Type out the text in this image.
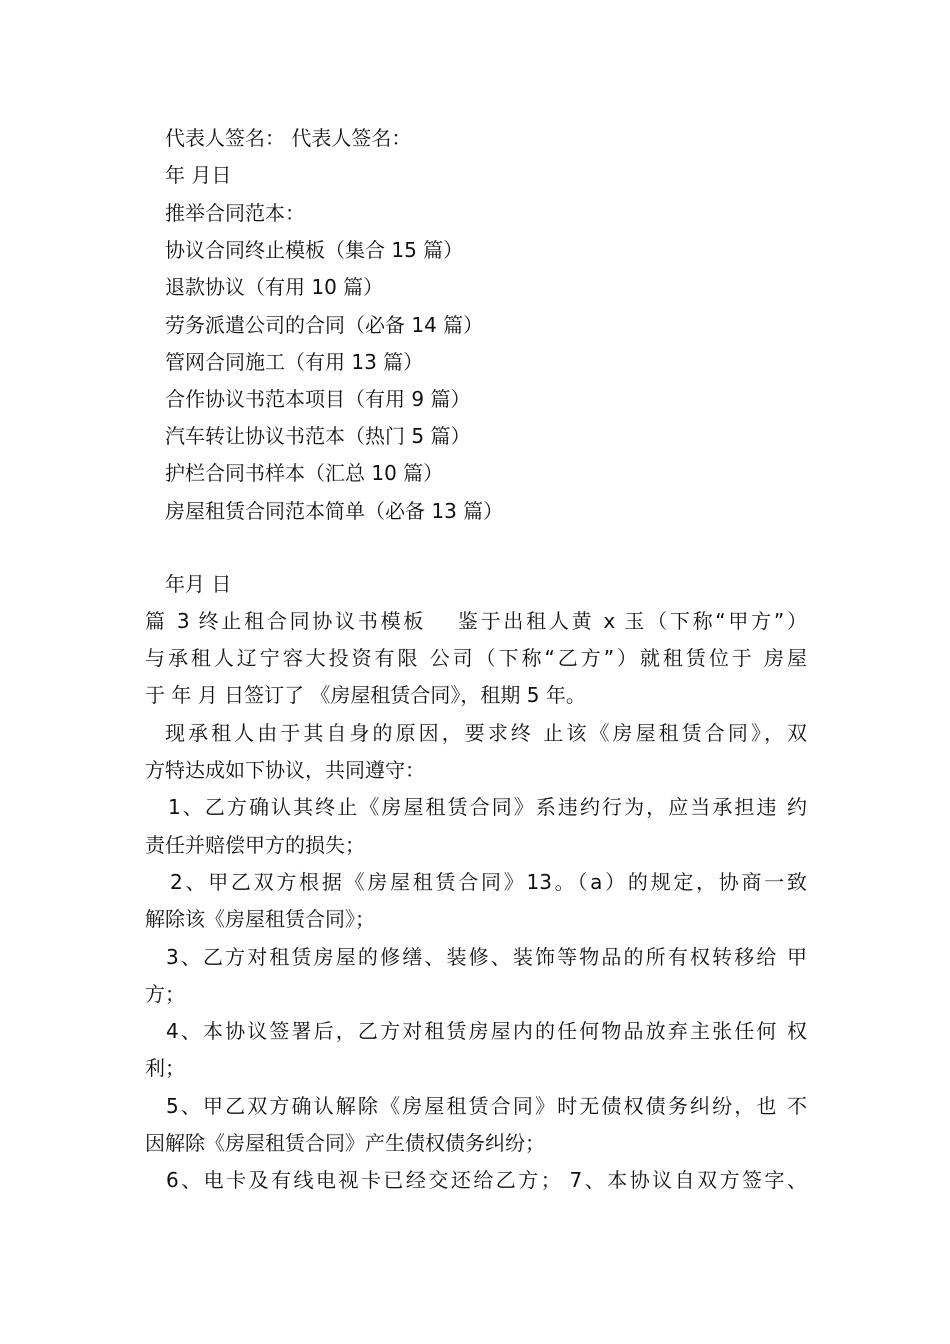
代表人签名： 代表人签名：
年 月日
推举合同范本：
协议合同终止模板（集合 15 篇）
退款协议（有用 10 篇）
劳务派遣公司的合同（必备 14 篇）
管网合同施工（有用 13 篇）
合作协议书范本项目（有用 9 篇）
汽车转让协议书范本（热门 5 篇）
护栏合同书样本（汇总 10 篇）
房屋租赁合同范本简单（必备 13 篇）
年月 日
篇 3 终止租合同协议书模板　 鉴于出租人黄 x 玉（下称“甲方”）
与承租人辽宁容大投资有限 公司（下称“乙方”）就租赁位于 房屋
于 年 月 日签订了 《房屋租赁合同》，租期 5 年。
现承租人由于其自身的原因，要求终 止该《房屋租赁合同》，双
方特达成如下协议，共同遵守：
1、乙方确认其终止《房屋租赁合同》系违约行为，应当承担违 约
责任并赔偿甲方的损失；
2、甲乙双方根据《房屋租赁合同》13。（a）的规定，协商一致
解除该《房屋租赁合同》；
3、乙方对租赁房屋的修缮、装修、装饰等物品的所有权转移给 甲
方；
4、本协议签署后，乙方对租赁房屋内的任何物品放弃主张任何 权
利；
5、甲乙双方确认解除《房屋租赁合同》时无债权债务纠纷，也 不
因解除《房屋租赁合同》产生债权债务纠纷；
6、电卡及有线电视卡已经交还给乙方； 7、本协议自双方签字、
